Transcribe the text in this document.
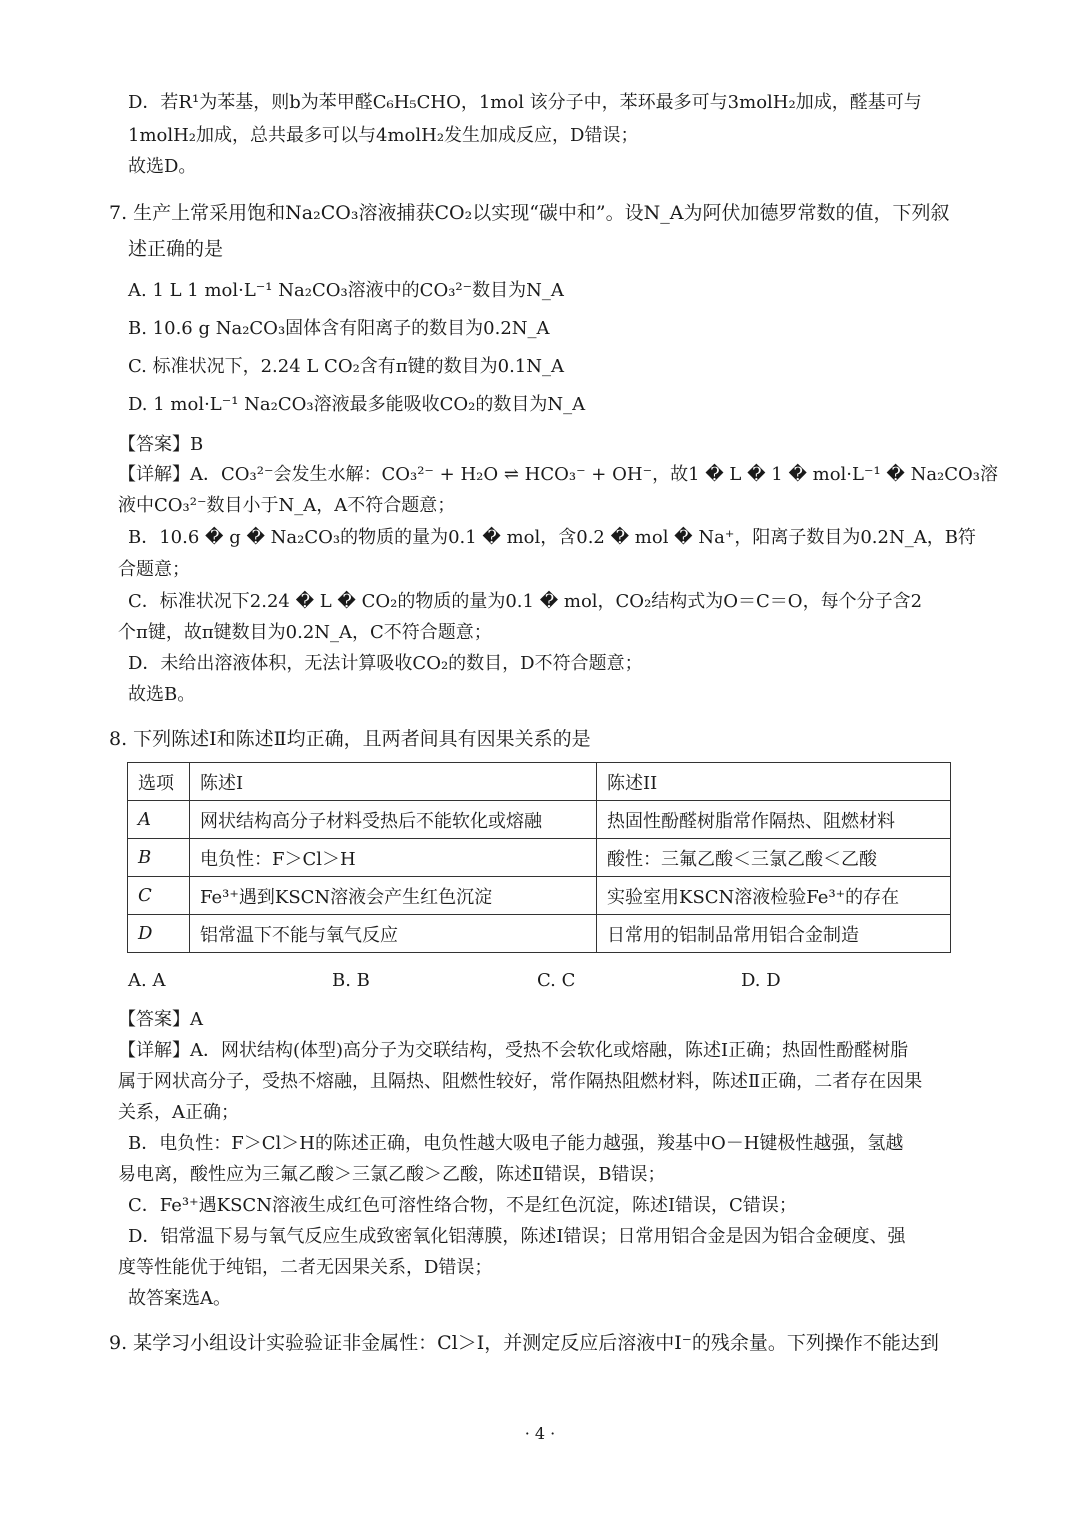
D．若R¹为苯基，则b为苯甲醛C₆H₅CHO，1mol 该分子中，苯环最多可与3molH₂加成，醛基可与
1molH₂加成，总共最多可以与4molH₂发生加成反应，D错误；
故选D。
7. 生产上常采用饱和Na₂CO₃溶液捕获CO₂以实现“碳中和”。设N_A为阿伏加德罗常数的值，下列叙
述正确的是
A. 1 L 1 mol·L⁻¹ Na₂CO₃溶液中的CO₃²⁻数目为N_A
B. 10.6 g Na₂CO₃固体含有阳离子的数目为0.2N_A
C. 标准状况下，2.24 L CO₂含有π键的数目为0.1N_A
D. 1 mol·L⁻¹ Na₂CO₃溶液最多能吸收CO₂的数目为N_A
【答案】B
【详解】A．CO₃²⁻会发生水解：CO₃²⁻ + H₂O ⇌ HCO₃⁻ + OH⁻，故1 � L � 1 � mol·L⁻¹ � Na₂CO₃溶
液中CO₃²⁻数目小于N_A，A不符合题意；
B．10.6 � g � Na₂CO₃的物质的量为0.1 � mol，含0.2 � mol � Na⁺，阳离子数目为0.2N_A，B符
合题意；
C．标准状况下2.24 � L � CO₂的物质的量为0.1 � mol，CO₂结构式为O＝C＝O，每个分子含2
个π键，故π键数目为0.2N_A，C不符合题意；
D．未给出溶液体积，无法计算吸收CO₂的数目，D不符合题意；
故选B。
8. 下列陈述Ⅰ和陈述Ⅱ均正确，且两者间具有因果关系的是
选项	陈述I	陈述II
A	网状结构高分子材料受热后不能软化或熔融	热固性酚醛树脂常作隔热、阻燃材料
B	电负性：F＞Cl＞H	酸性：三氟乙酸＜三氯乙酸＜乙酸
C	Fe³⁺遇到KSCN溶液会产生红色沉淀	实验室用KSCN溶液检验Fe³⁺的存在
D	铝常温下不能与氧气反应	日常用的铝制品常用铝合金制造
A. A	B. B	C. C	D. D
【答案】A
【详解】A．网状结构(体型)高分子为交联结构，受热不会软化或熔融，陈述Ⅰ正确；热固性酚醛树脂
属于网状高分子，受热不熔融，且隔热、阻燃性较好，常作隔热阻燃材料，陈述Ⅱ正确，二者存在因果
关系，A正确；
B．电负性：F＞Cl＞H的陈述正确，电负性越大吸电子能力越强，羧基中O－H键极性越强，氢越
易电离，酸性应为三氟乙酸＞三氯乙酸＞乙酸，陈述Ⅱ错误，B错误；
C．Fe³⁺遇KSCN溶液生成红色可溶性络合物，不是红色沉淀，陈述Ⅰ错误，C错误；
D．铝常温下易与氧气反应生成致密氧化铝薄膜，陈述Ⅰ错误；日常用铝合金是因为铝合金硬度、强
度等性能优于纯铝，二者无因果关系，D错误；
故答案选A。
9. 某学习小组设计实验验证非金属性：Cl＞I，并测定反应后溶液中I⁻的残余量。下列操作不能达到
· 4 ·
